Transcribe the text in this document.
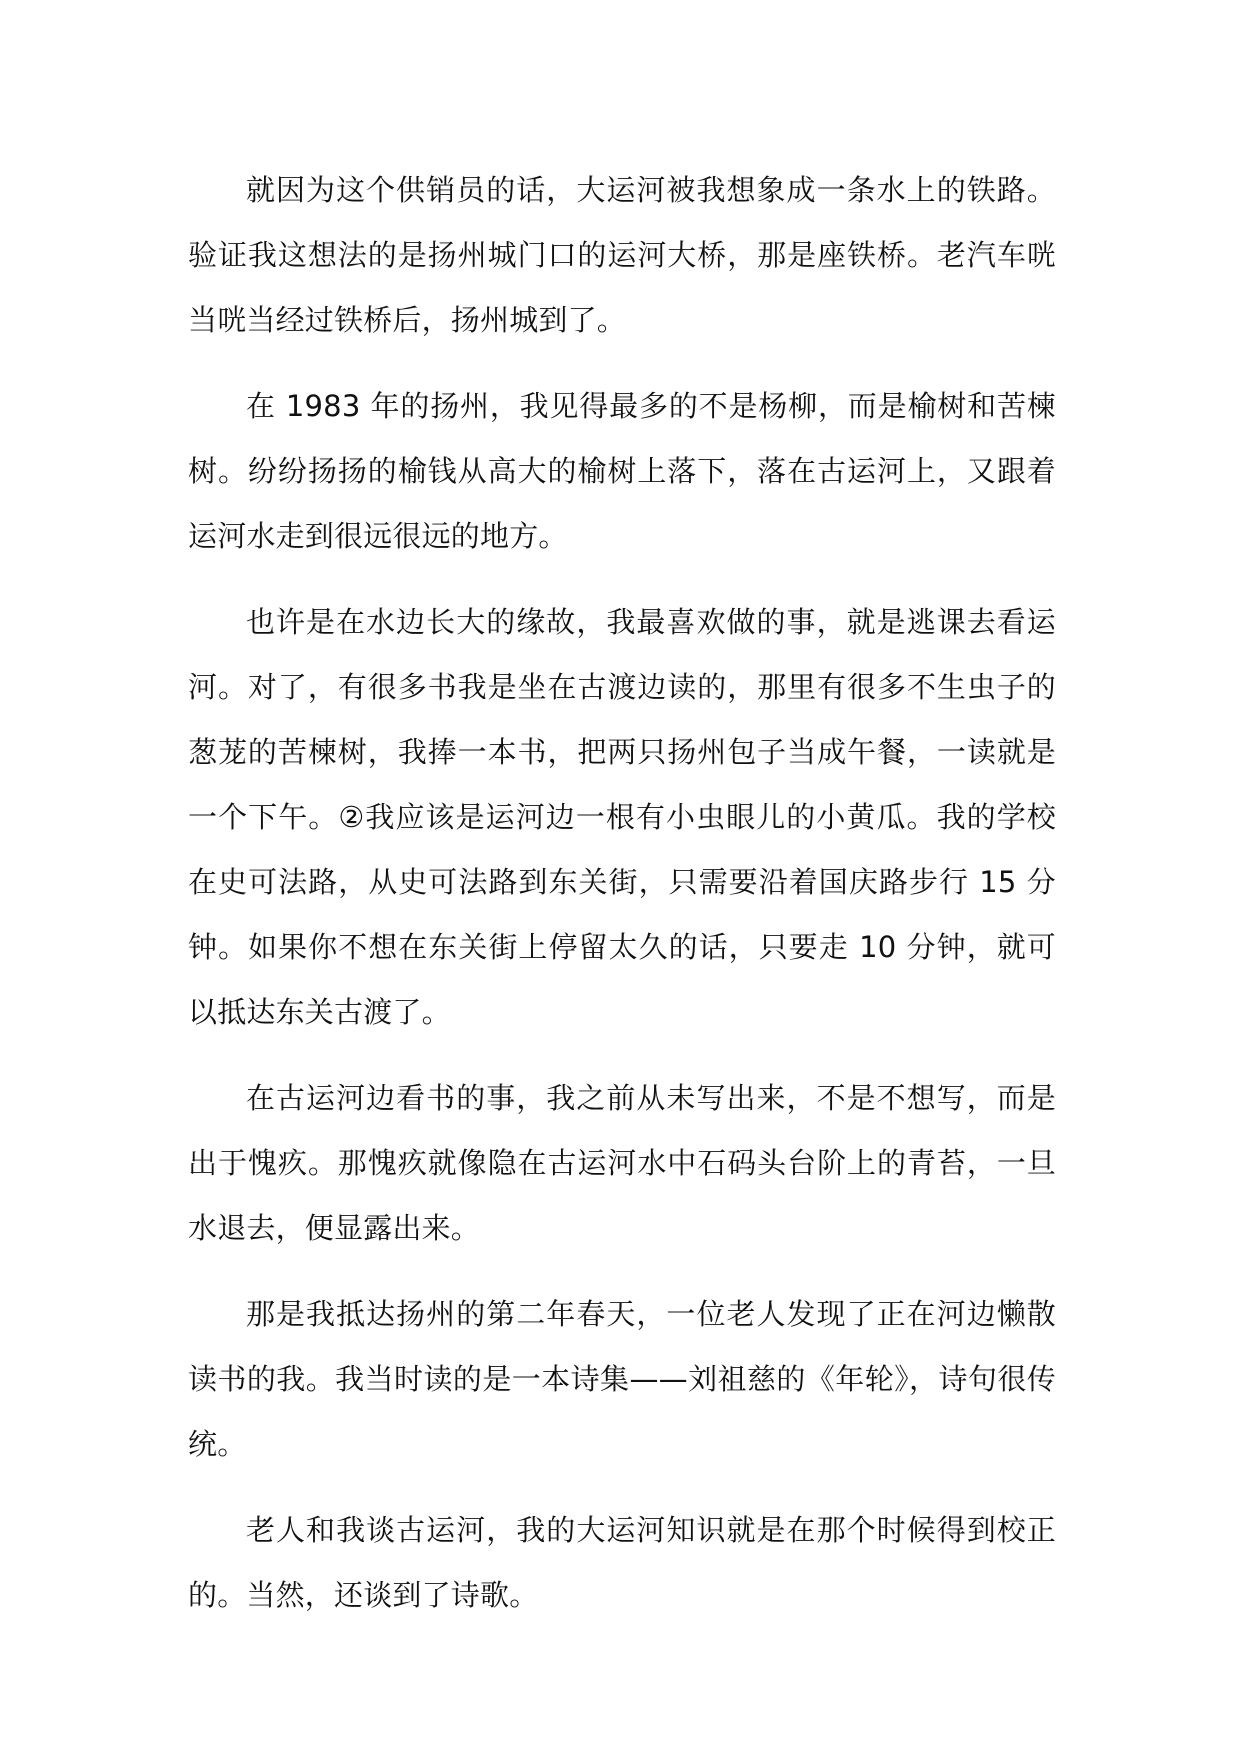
就因为这个供销员的话，大运河被我想象成一条水上的铁路。验证我这想法的是扬州城门口的运河大桥，那是座铁桥。老汽车咣当咣当经过铁桥后，扬州城到了。

在 1983 年的扬州，我见得最多的不是杨柳，而是榆树和苦楝树。纷纷扬扬的榆钱从高大的榆树上落下，落在古运河上，又跟着运河水走到很远很远的地方。

也许是在水边长大的缘故，我最喜欢做的事，就是逃课去看运河。对了，有很多书我是坐在古渡边读的，那里有很多不生虫子的葱茏的苦楝树，我捧一本书，把两只扬州包子当成午餐，一读就是一个下午。②我应该是运河边一根有小虫眼儿的小黄瓜。我的学校在史可法路，从史可法路到东关街，只需要沿着国庆路步行 15 分钟。如果你不想在东关街上停留太久的话，只要走 10 分钟，就可以抵达东关古渡了。

在古运河边看书的事，我之前从未写出来，不是不想写，而是出于愧疚。那愧疚就像隐在古运河水中石码头台阶上的青苔，一旦水退去，便显露出来。

那是我抵达扬州的第二年春天，一位老人发现了正在河边懒散读书的我。我当时读的是一本诗集——刘祖慈的《年轮》，诗句很传统。

老人和我谈古运河，我的大运河知识就是在那个时候得到校正的。当然，还谈到了诗歌。
